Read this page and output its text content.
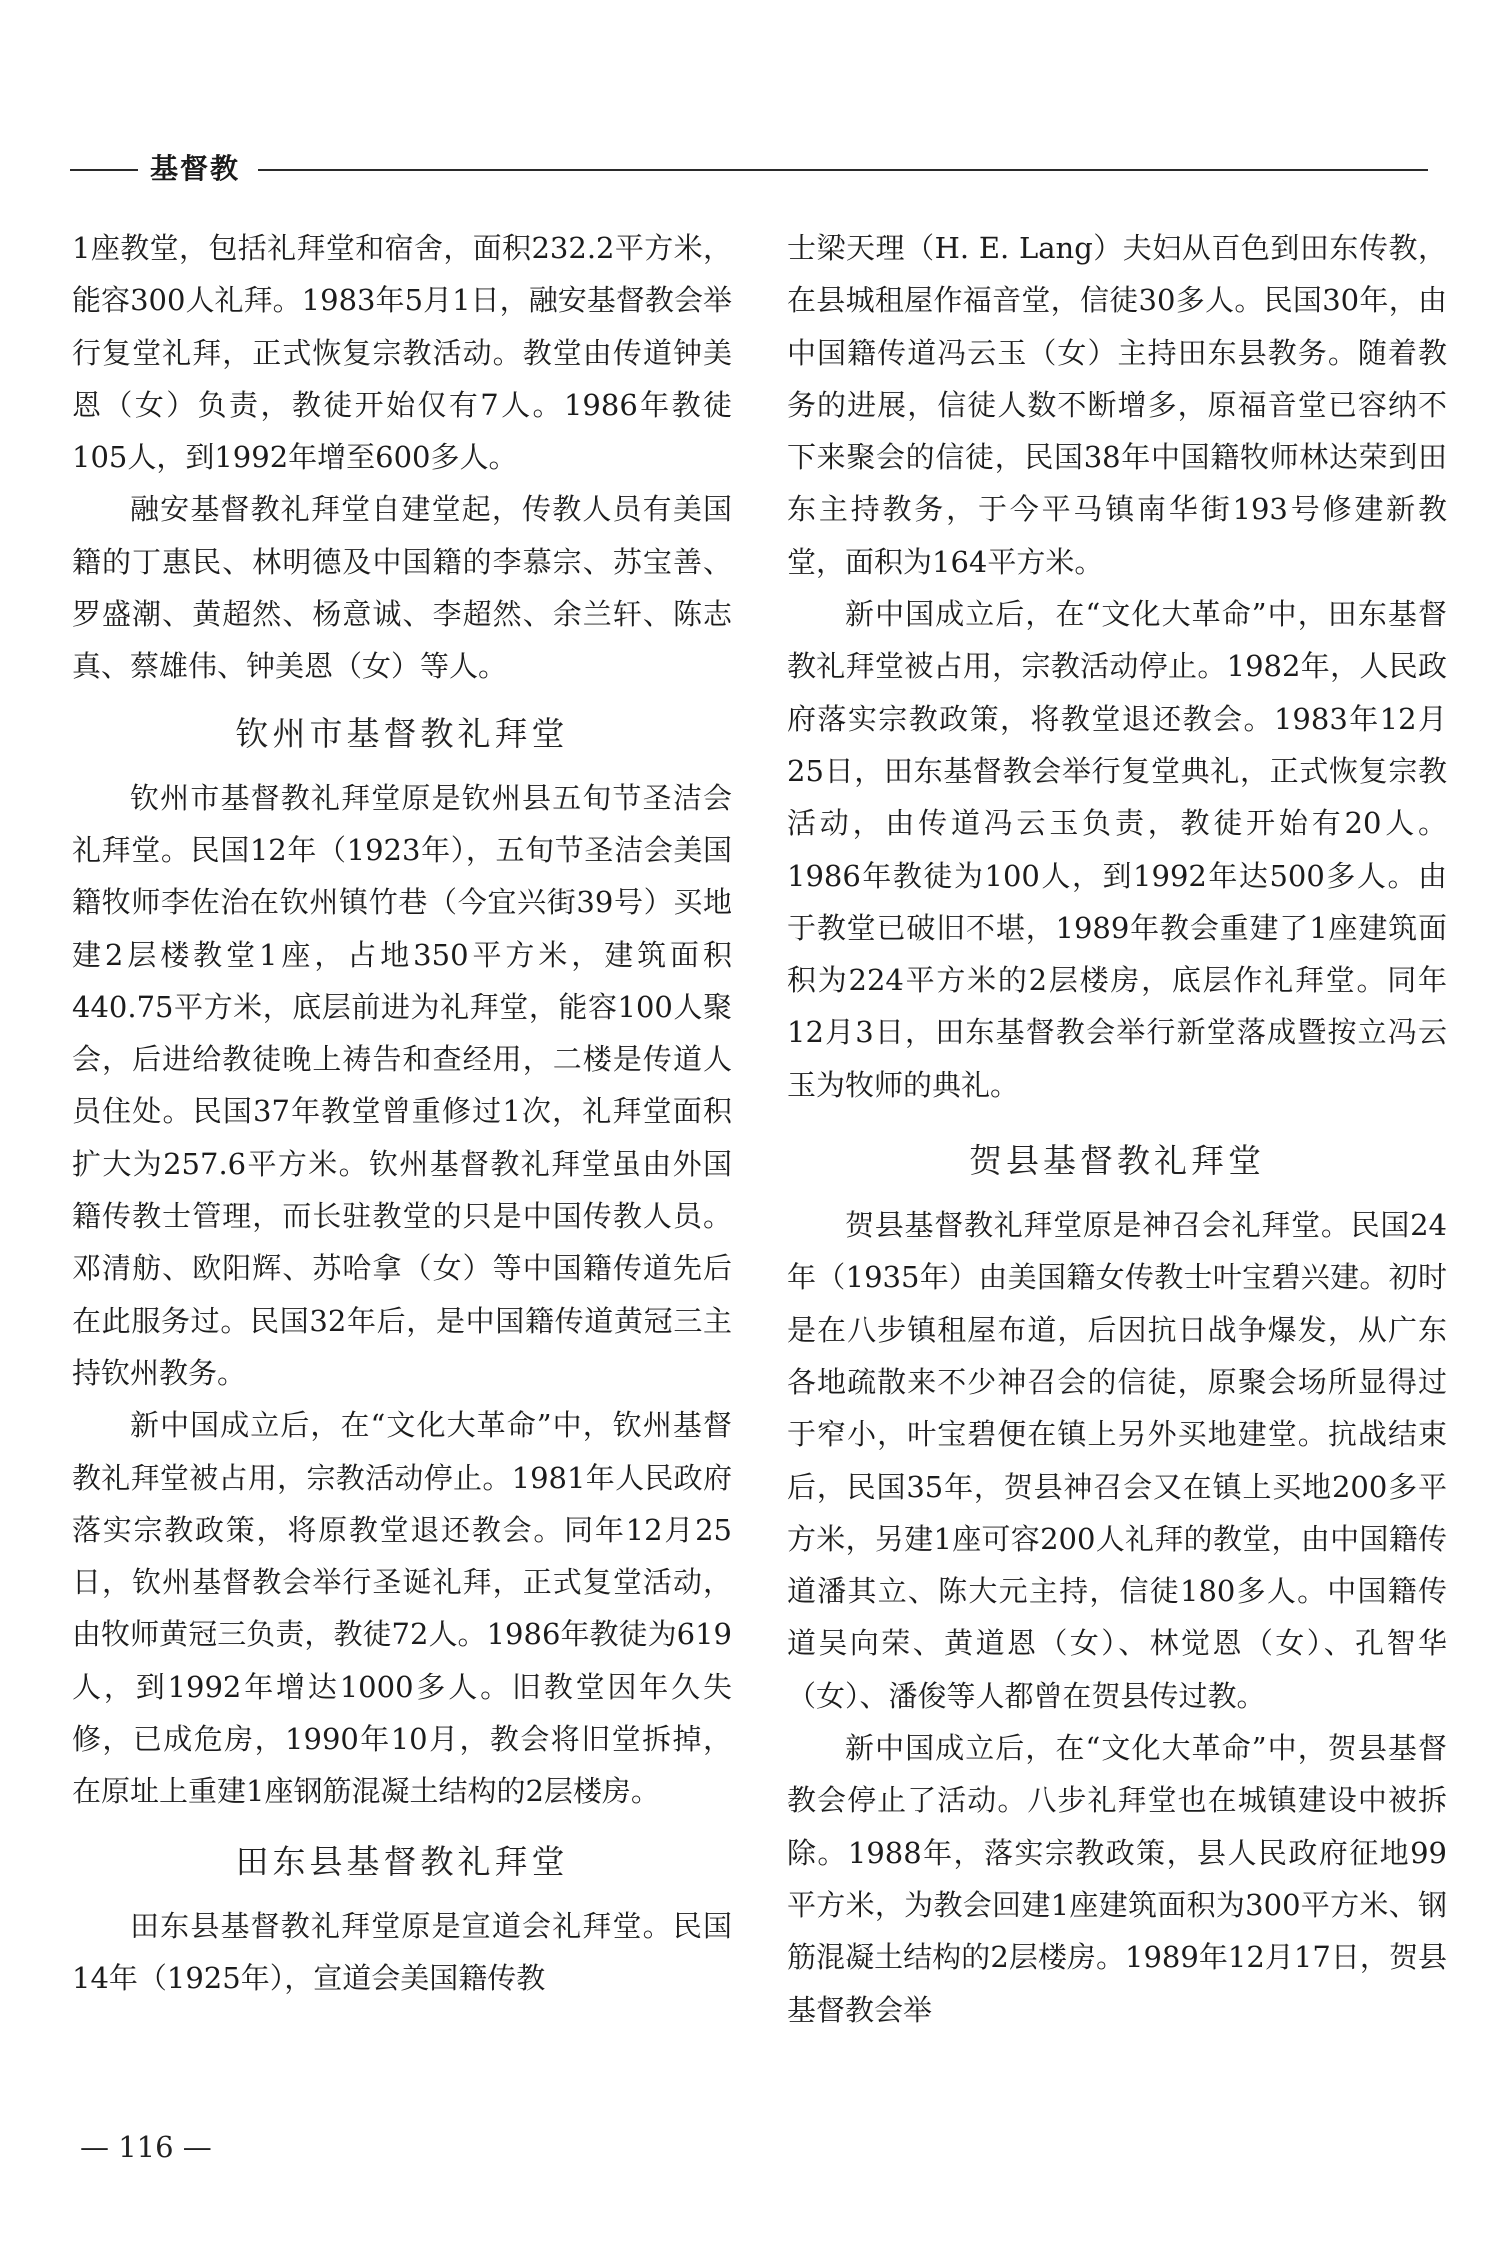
基督教

1座教堂，包括礼拜堂和宿舍，面积232.2平方米，能容300人礼拜。1983年5月1日，融安基督教会举行复堂礼拜，正式恢复宗教活动。教堂由传道钟美恩（女）负责，教徒开始仅有7人。1986年教徒105人，到1992年增至600多人。

融安基督教礼拜堂自建堂起，传教人员有美国籍的丁惠民、林明德及中国籍的李慕宗、苏宝善、罗盛潮、黄超然、杨意诚、李超然、余兰轩、陈志真、蔡雄伟、钟美恩（女）等人。

钦州市基督教礼拜堂

钦州市基督教礼拜堂原是钦州县五旬节圣洁会礼拜堂。民国12年（1923年），五旬节圣洁会美国籍牧师李佐治在钦州镇竹巷（今宜兴街39号）买地建2层楼教堂1座，占地350平方米，建筑面积440.75平方米，底层前进为礼拜堂，能容100人聚会，后进给教徒晚上祷告和查经用，二楼是传道人员住处。民国37年教堂曾重修过1次，礼拜堂面积扩大为257.6平方米。钦州基督教礼拜堂虽由外国籍传教士管理，而长驻教堂的只是中国传教人员。邓清舫、欧阳辉、苏哈拿（女）等中国籍传道先后在此服务过。民国32年后，是中国籍传道黄冠三主持钦州教务。

新中国成立后，在“文化大革命”中，钦州基督教礼拜堂被占用，宗教活动停止。1981年人民政府落实宗教政策，将原教堂退还教会。同年12月25日，钦州基督教会举行圣诞礼拜，正式复堂活动，由牧师黄冠三负责，教徒72人。1986年教徒为619人，到1992年增达1000多人。旧教堂因年久失修，已成危房，1990年10月，教会将旧堂拆掉，在原址上重建1座钢筋混凝土结构的2层楼房。

田东县基督教礼拜堂

田东县基督教礼拜堂原是宣道会礼拜堂。民国14年（1925年），宣道会美国籍传教

士梁天理（H. E. Lang）夫妇从百色到田东传教，在县城租屋作福音堂，信徒30多人。民国30年，由中国籍传道冯云玉（女）主持田东县教务。随着教务的进展，信徒人数不断增多，原福音堂已容纳不下来聚会的信徒，民国38年中国籍牧师林达荣到田东主持教务，于今平马镇南华街193号修建新教堂，面积为164平方米。

新中国成立后，在“文化大革命”中，田东基督教礼拜堂被占用，宗教活动停止。1982年，人民政府落实宗教政策，将教堂退还教会。1983年12月25日，田东基督教会举行复堂典礼，正式恢复宗教活动，由传道冯云玉负责，教徒开始有20人。1986年教徒为100人，到1992年达500多人。由于教堂已破旧不堪，1989年教会重建了1座建筑面积为224平方米的2层楼房，底层作礼拜堂。同年12月3日，田东基督教会举行新堂落成暨按立冯云玉为牧师的典礼。

贺县基督教礼拜堂

贺县基督教礼拜堂原是神召会礼拜堂。民国24年（1935年）由美国籍女传教士叶宝碧兴建。初时是在八步镇租屋布道，后因抗日战争爆发，从广东各地疏散来不少神召会的信徒，原聚会场所显得过于窄小，叶宝碧便在镇上另外买地建堂。抗战结束后，民国35年，贺县神召会又在镇上买地200多平方米，另建1座可容200人礼拜的教堂，由中国籍传道潘其立、陈大元主持，信徒180多人。中国籍传道吴向荣、黄道恩（女）、林觉恩（女）、孔智华（女）、潘俊等人都曾在贺县传过教。

新中国成立后，在“文化大革命”中，贺县基督教会停止了活动。八步礼拜堂也在城镇建设中被拆除。1988年，落实宗教政策，县人民政府征地99平方米，为教会回建1座建筑面积为300平方米、钢筋混凝土结构的2层楼房。1989年12月17日，贺县基督教会举

— 116 —
